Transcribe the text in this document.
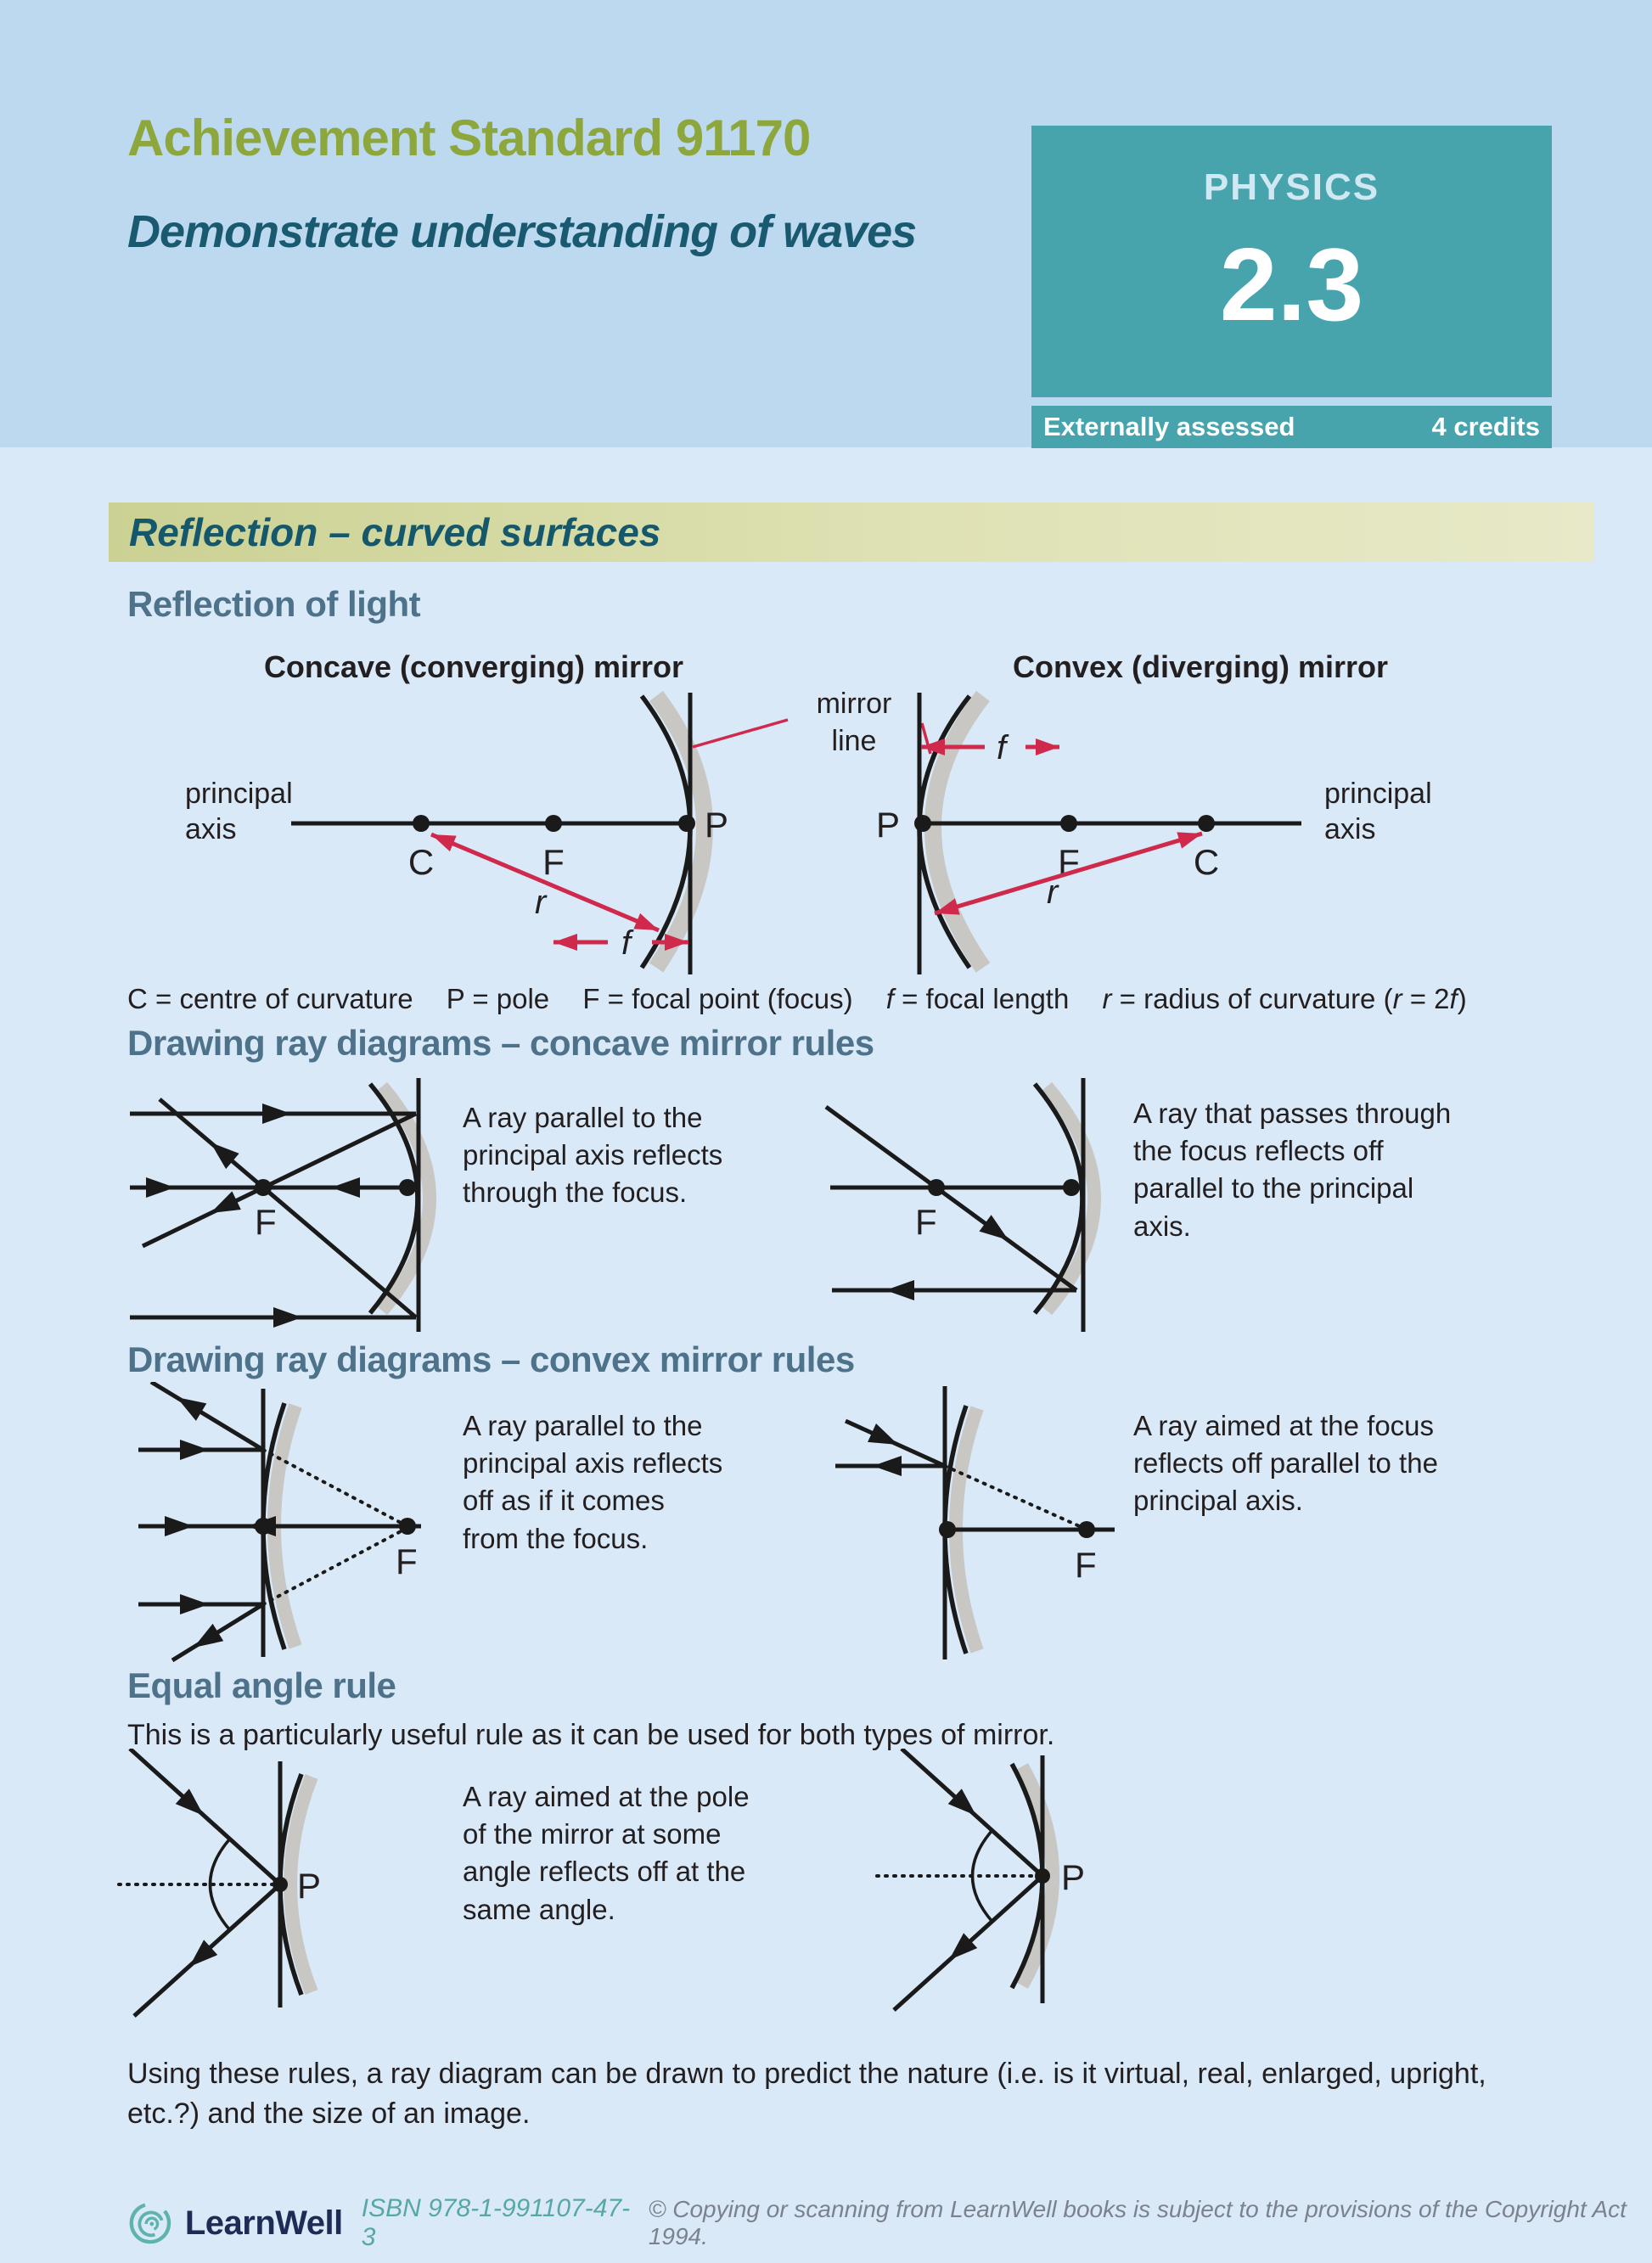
Achievement Standard 91170
Demonstrate understanding of waves
PHYSICS
2.3
Externally assessed	4 credits
Reflection – curved surfaces
Reflection of light
Concave (converging) mirror
C	F
P
principal
axis
r
f
mirror
line
Convex (diverging) mirror
P
F	C
principal
axis
f
r
C = centre of curvature P = pole F = focal point (focus) f = focal length r = radius of curvature (r = 2f)
Drawing ray diagrams – concave mirror rules
F	F
A ray parallel to the principal axis reflects through the focus.
A ray that passes through the focus reflects off parallel to the principal axis.
Drawing ray diagrams – convex mirror rules
F	F
A ray parallel to the principal axis reflects off as if it comes from the focus.
A ray aimed at the focus reflects off parallel to the principal axis.
Equal angle rule
This is a particularly useful rule as it can be used for both types of mirror.
P	P
A ray aimed at the pole of the mirror at some angle reflects off at the same angle.
Using these rules, a ray diagram can be drawn to predict the nature (i.e. is it virtual, real, enlarged, upright, etc.?) and the size of an image.
LearnWell ISBN 978-1-991107-47-3
© Copying or scanning from LearnWell books is subject to the provisions of the Copyright Act 1994.
